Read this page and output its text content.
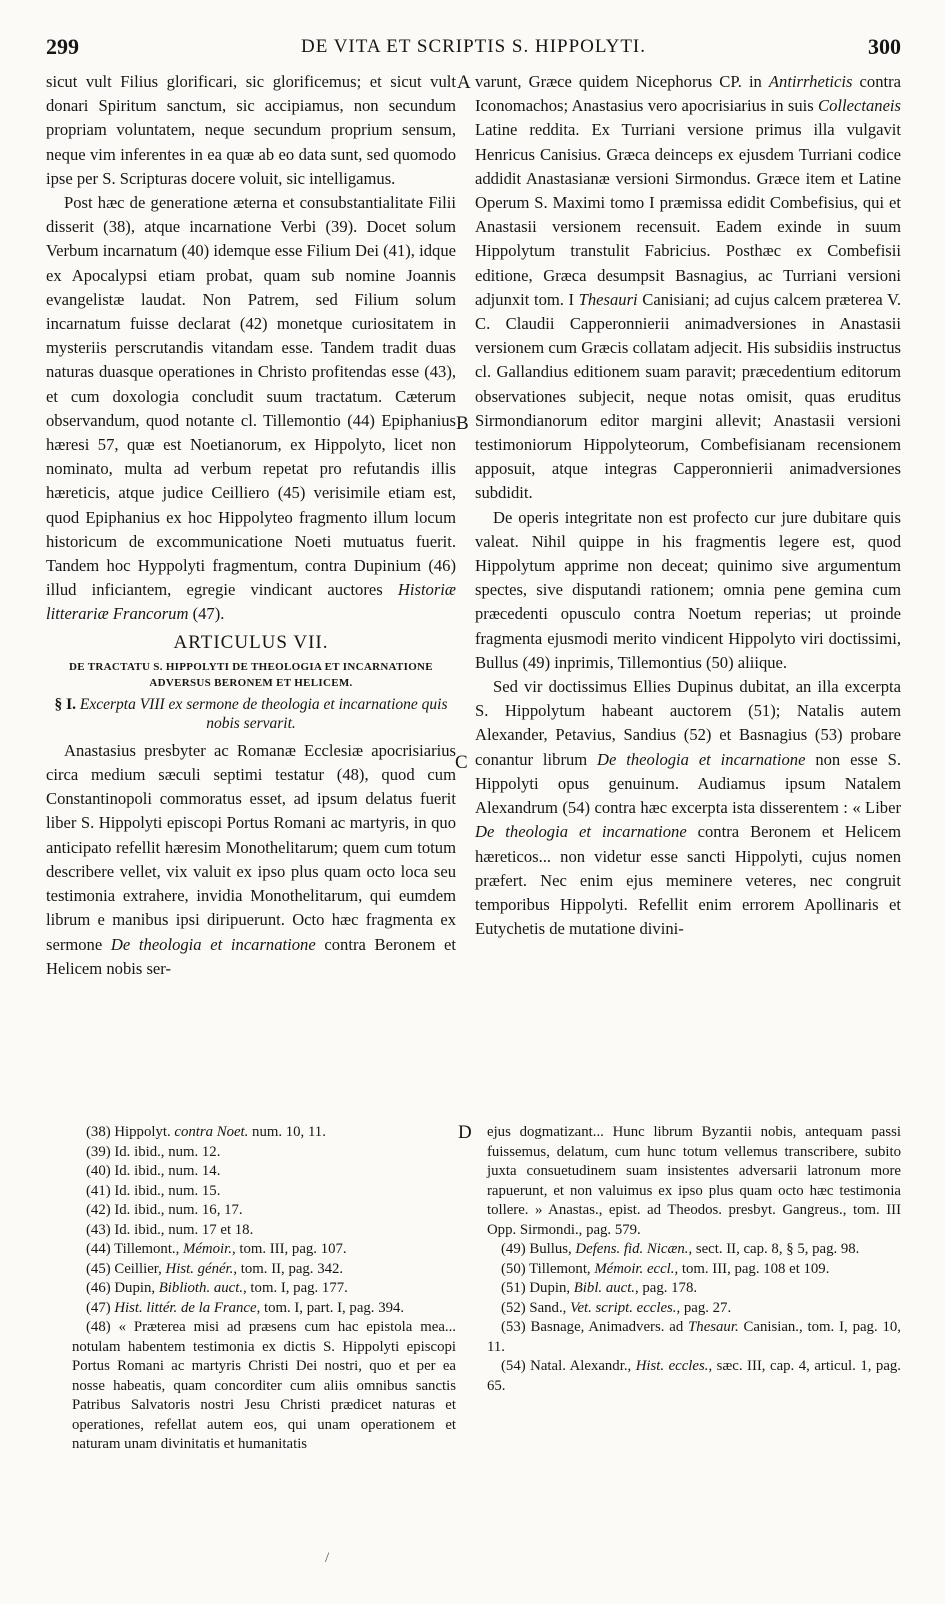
299	DE VITA ET SCRIPTIS S. HIPPOLYTI.	300
A
B
C
D

sicut vult Filius glorificari, sic glorificemus; et sicut vult donari Spiritum sanctum, sic accipiamus, non secundum propriam voluntatem, neque secundum proprium sensum, neque vim inferentes in ea quæ ab eo data sunt, sed quomodo ipse per S. Scripturas docere voluit, sic intelligamus.

Post hæc de generatione æterna et consubstantialitate Filii disserit (38), atque incarnatione Verbi (39). Docet solum Verbum incarnatum (40) idemque esse Filium Dei (41), idque ex Apocalypsi etiam probat, quam sub nomine Joannis evangelistæ laudat. Non Patrem, sed Filium solum incarnatum fuisse declarat (42) monetque curiositatem in mysteriis perscrutandis vitandam esse. Tandem tradit duas naturas duasque operationes in Christo profitendas esse (43), et cum doxologia concludit suum tractatum. Cæterum observandum, quod notante cl. Tillemontio (44) Epiphanius hæresi 57, quæ est Noetianorum, ex Hippolyto, licet non nominato, multa ad verbum repetat pro refutandis illis hæreticis, atque judice Ceilliero (45) verisimile etiam est, quod Epiphanius ex hoc Hippolyteo fragmento illum locum historicum de excommunicatione Noeti mutuatus fuerit. Tandem hoc Hyppolyti fragmentum, contra Dupinium (46) illud inficiantem, egregie vindicant auctores Historiæ litterariæ Francorum (47).

ARTICULUS VII.
DE TRACTATU S. HIPPOLYTI DE THEOLOGIA ET INCARNATIONE ADVERSUS BERONEM ET HELICEM.
§ I. Excerpta VIII ex sermone de theologia et incarnatione quis nobis servarit.

Anastasius presbyter ac Romanæ Ecclesiæ apocrisiarius circa medium sæculi septimi testatur (48), quod cum Constantinopoli commoratus esset, ad ipsum delatus fuerit liber S. Hippolyti episcopi Portus Romani ac martyris, in quo anticipato refellit hæresim Monothelitarum; quem cum totum describere vellet, vix valuit ex ipso plus quam octo loca seu testimonia extrahere, invidia Monothelitarum, qui eumdem librum e manibus ipsi diripuerunt. Octo hæc fragmenta ex sermone De theologia et incarnatione contra Beronem et Helicem nobis ser-

varunt, Græce quidem Nicephorus CP. in Antirrheticis contra Iconomachos; Anastasius vero apocrisiarius in suis Collectaneis Latine reddita. Ex Turriani versione primus illa vulgavit Henricus Canisius. Græca deinceps ex ejusdem Turriani codice addidit Anastasianæ versioni Sirmondus. Græce item et Latine Operum S. Maximi tomo I præmissa edidit Combefisius, qui et Anastasii versionem recensuit. Eadem exinde in suum Hippolytum transtulit Fabricius. Posthæc ex Combefisii editione, Græca desumpsit Basnagius, ac Turriani versioni adjunxit tom. I Thesauri Canisiani; ad cujus calcem præterea V. C. Claudii Capperonnierii animadversiones in Anastasii versionem cum Græcis collatam adjecit. His subsidiis instructus cl. Gallandius editionem suam paravit; præcedentium editorum observationes subjecit, neque notas omisit, quas eruditus Sirmondianorum editor margini allevit; Anastasii versioni testimoniorum Hippolyteorum, Combefisianam recensionem apposuit, atque integras Capperonnierii animadversiones subdidit.

De operis integritate non est profecto cur jure dubitare quis valeat. Nihil quippe in his fragmentis legere est, quod Hippolytum apprime non deceat; quinimo sive argumentum spectes, sive disputandi rationem; omnia pene gemina cum præcedenti opusculo contra Noetum reperias; ut proinde fragmenta ejusmodi merito vindicent Hippolyto viri doctissimi, Bullus (49) inprimis, Tillemontius (50) aliique.

Sed vir doctissimus Ellies Dupinus dubitat, an illa excerpta S. Hippolytum habeant auctorem (51); Natalis autem Alexander, Petavius, Sandius (52) et Basnagius (53) probare conantur librum De theologia et incarnatione non esse S. Hippolyti opus genuinum. Audiamus ipsum Natalem Alexandrum (54) contra hæc excerpta ista disserentem : « Liber De theologia et incarnatione contra Beronem et Helicem hæreticos... non videtur esse sancti Hippolyti, cujus nomen præfert. Nec enim ejus meminere veteres, nec congruit temporibus Hippolyti. Refellit enim errorem Apollinaris et Eutychetis de mutatione divini-

(38) Hippolyt. contra Noet. num. 10, 11.
(39) Id. ibid., num. 12.
(40) Id. ibid., num. 14.
(41) Id. ibid., num. 15.
(42) Id. ibid., num. 16, 17.
(43) Id. ibid., num. 17 et 18.
(44) Tillemont., Mémoir., tom. III, pag. 107.
(45) Ceillier, Hist. génér., tom. II, pag. 342.
(46) Dupin, Biblioth. auct., tom. I, pag. 177.
(47) Hist. littér. de la France, tom. I, part. I, pag. 394.
(48) « Præterea misi ad præsens cum hac epistola mea... notulam habentem testimonia ex dictis S. Hippolyti episcopi Portus Romani ac martyris Christi Dei nostri, quo et per ea nosse habeatis, quam concorditer cum aliis omnibus sanctis Patribus Salvatoris nostri Jesu Christi prædicet naturas et operationes, refellat autem eos, qui unam operationem et naturam unam divinitatis et humanitatis
ejus dogmatizant... Hunc librum Byzantii nobis, antequam passi fuissemus, delatum, cum hunc totum vellemus transcribere, subito juxta consuetudinem suam insistentes adversarii latronum more rapuerunt, et non valuimus ex ipso plus quam octo hæc testimonia tollere. » Anastas., epist. ad Theodos. presbyt. Gangreus., tom. III Opp. Sirmondi., pag. 579.
(49) Bullus, Defens. fid. Nicæn., sect. II, cap. 8, § 5, pag. 98.
(50) Tillemont, Mémoir. eccl., tom. III, pag. 108 et 109.
(51) Dupin, Bibl. auct., pag. 178.
(52) Sand., Vet. script. eccles., pag. 27.
(53) Basnage, Animadvers. ad Thesaur. Canisian., tom. I, pag. 10, 11.
(54) Natal. Alexandr., Hist. eccles., sæc. III, cap. 4, articul. 1, pag. 65.
/
